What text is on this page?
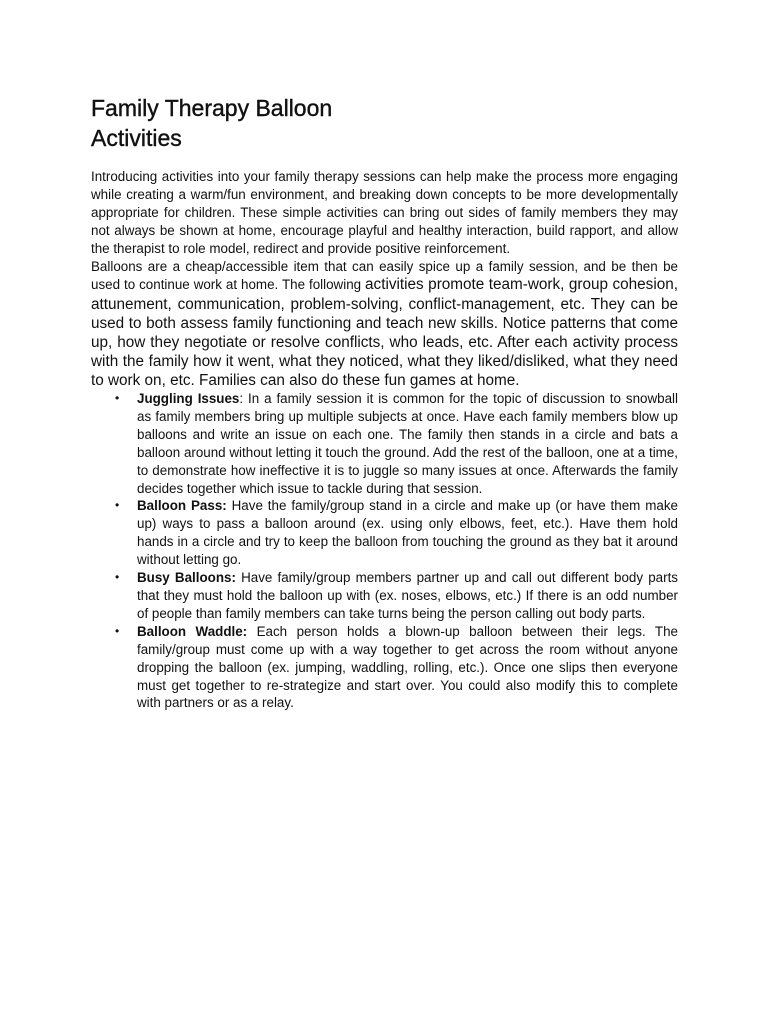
Family Therapy Balloon
Activities

Introducing activities into your family therapy sessions can help make the process more engaging while creating a warm/fun environment, and breaking down concepts to be more developmentally appropriate for children. These simple activities can bring out sides of family members they may not always be shown at home, encourage playful and healthy interaction, build rapport, and allow the therapist to role model, redirect and provide positive reinforcement.

Balloons are a cheap/accessible item that can easily spice up a family session, and be then be used to continue work at home. The following activities promote team-work, group cohesion, attunement, communication, problem-solving, conflict-management, etc. They can be used to both assess family functioning and teach new skills. Notice patterns that come up, how they negotiate or resolve conflicts, who leads, etc. After each activity process with the family how it went, what they noticed, what they liked/disliked, what they need to work on, etc. Families can also do these fun games at home.

• Juggling Issues: In a family session it is common for the topic of discussion to snowball as family members bring up multiple subjects at once. Have each family members blow up balloons and write an issue on each one. The family then stands in a circle and bats a balloon around without letting it touch the ground. Add the rest of the balloon, one at a time, to demonstrate how ineffective it is to juggle so many issues at once. Afterwards the family decides together which issue to tackle during that session.
• Balloon Pass: Have the family/group stand in a circle and make up (or have them make up) ways to pass a balloon around (ex. using only elbows, feet, etc.). Have them hold hands in a circle and try to keep the balloon from touching the ground as they bat it around without letting go.
• Busy Balloons: Have family/group members partner up and call out different body parts that they must hold the balloon up with (ex. noses, elbows, etc.) If there is an odd number of people than family members can take turns being the person calling out body parts.
• Balloon Waddle: Each person holds a blown-up balloon between their legs. The family/group must come up with a way together to get across the room without anyone dropping the balloon (ex. jumping, waddling, rolling, etc.). Once one slips then everyone must get together to re-strategize and start over. You could also modify this to complete with partners or as a relay.
